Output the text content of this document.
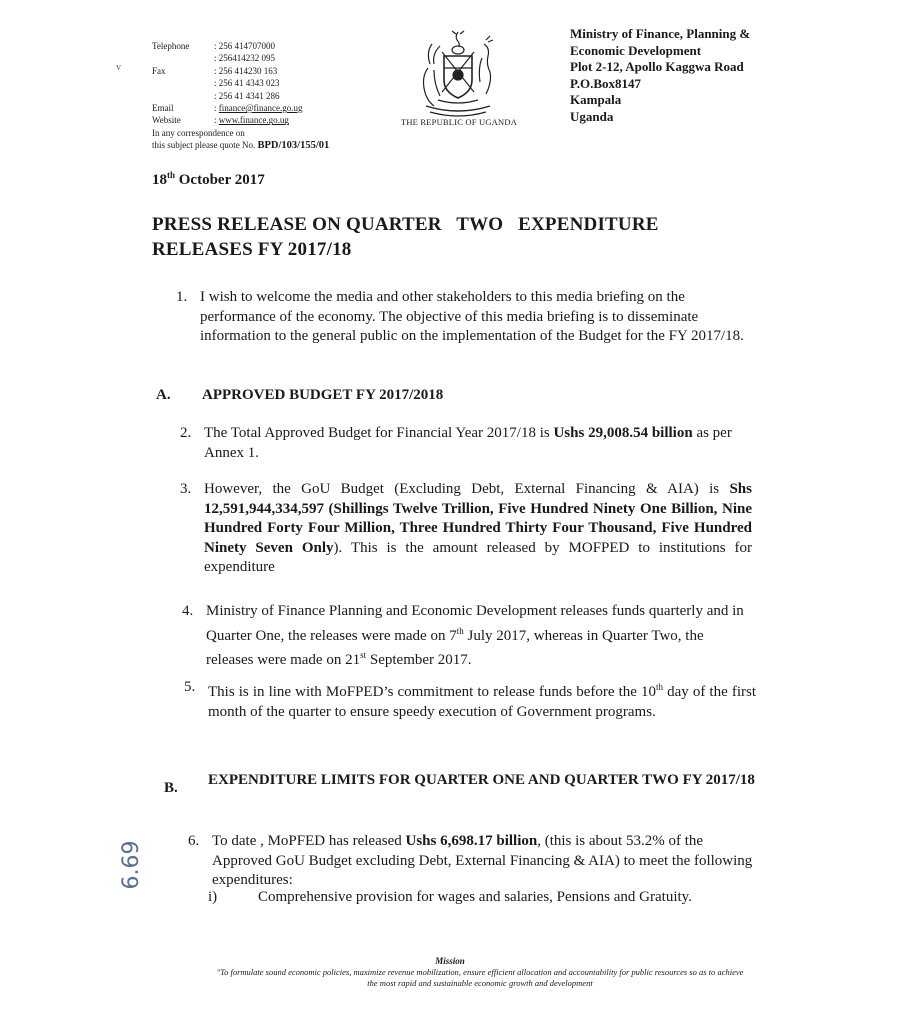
Telephone	: 256 414707000
: 256414232 095
Fax	: 256 414230 163
: 256 41 4343 023
: 256 41 4341 286
Email	: finance@finance.go.ug
Website	: www.finance.go.ug
In any correspondence on
this subject please quote No. BPD/103/155/01
v
THE REPUBLIC OF UGANDA
Ministry of Finance, Planning &
Economic Development
Plot 2-12, Apollo Kaggwa Road
P.O.Box8147
Kampala
Uganda
18th October 2017
PRESS RELEASE ON QUARTER   TWO   EXPENDITURE
RELEASES FY 2017/18
1. I wish to welcome the media and other stakeholders to this media briefing on the performance of the economy. The objective of this media briefing is to disseminate information to the general public on the implementation of the Budget for the FY 2017/18.
A. APPROVED BUDGET FY 2017/2018
2. The Total Approved Budget for Financial Year 2017/18 is Ushs 29,008.54 billion as per Annex 1.
3. However, the GoU Budget (Excluding Debt, External Financing & AIA) is Shs 12,591,944,334,597 (Shillings Twelve Trillion, Five Hundred Ninety One Billion, Nine Hundred Forty Four Million, Three Hundred Thirty Four Thousand, Five Hundred Ninety Seven Only). This is the amount released by MOFPED to institutions for expenditure
4. Ministry of Finance Planning and Economic Development releases funds quarterly and in Quarter One, the releases were made on 7th July 2017, whereas in Quarter Two, the releases were made on 21st September 2017.
5. This is in line with MoFPED’s commitment to release funds before the 10th day of the first month of the quarter to ensure speedy execution of Government programs.
B. EXPENDITURE LIMITS FOR QUARTER ONE AND QUARTER TWO FY 2017/18
6. To date , MoPFED has released Ushs 6,698.17 billion, (this is about 53.2% of the Approved GoU Budget excluding Debt, External Financing & AIA) to meet the following expenditures:
i)	Comprehensive provision for wages and salaries, Pensions and Gratuity.
6.69
Mission
"To formulate sound economic policies, maximize revenue mobilization, ensure efficient allocation and accountability for public resources so as to achieve
the most rapid and sustainable economic growth and development
